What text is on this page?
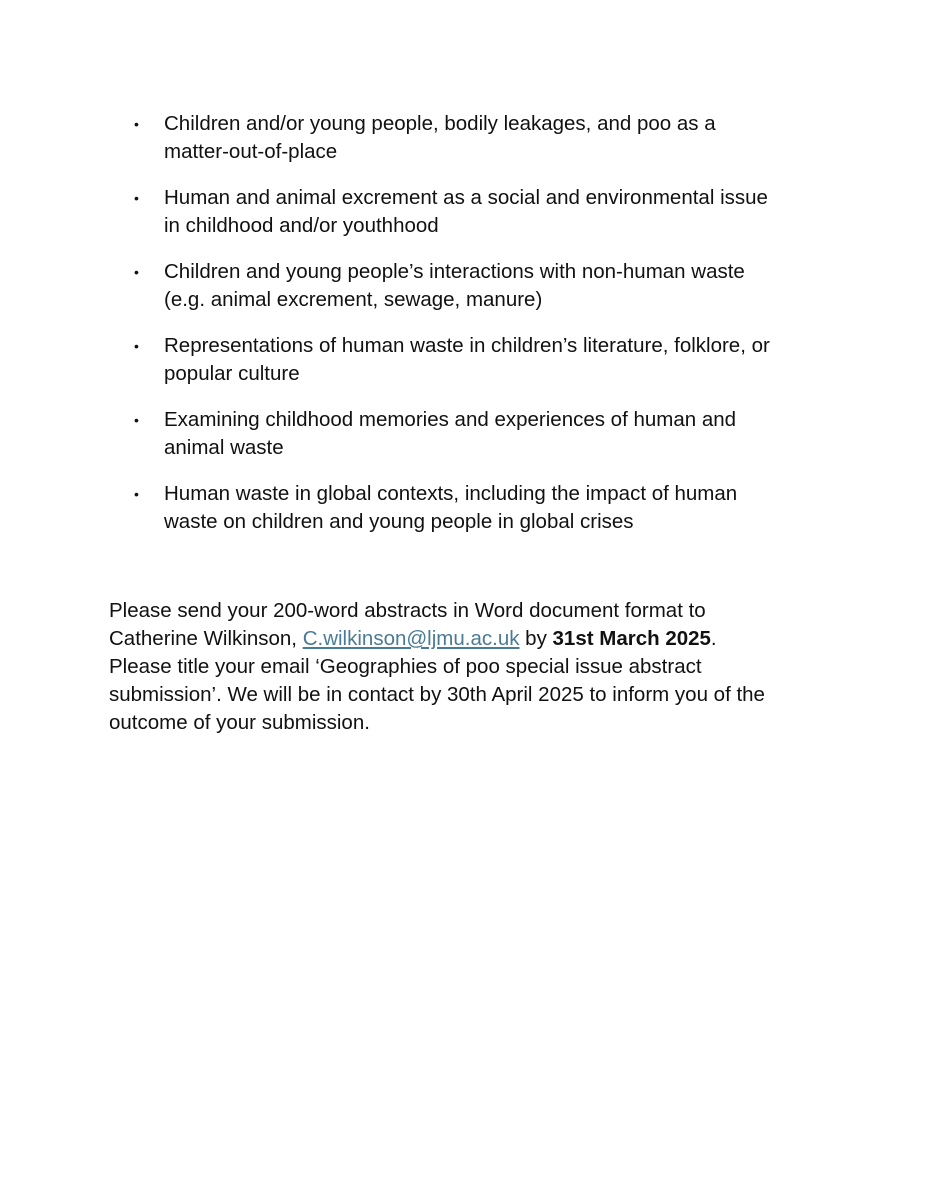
• Children and/or young people, bodily leakages, and poo as a
matter-out-of-place
• Human and animal excrement as a social and environmental issue
in childhood and/or youthhood
• Children and young people’s interactions with non-human waste
(e.g. animal excrement, sewage, manure)
• Representations of human waste in children’s literature, folklore, or
popular culture
• Examining childhood memories and experiences of human and
animal waste
• Human waste in global contexts, including the impact of human
waste on children and young people in global crises

Please send your 200-word abstracts in Word document format to
Catherine Wilkinson, C.wilkinson@ljmu.ac.uk by 31st March 2025.
Please title your email ‘Geographies of poo special issue abstract
submission’. We will be in contact by 30th April 2025 to inform you of the
outcome of your submission.
